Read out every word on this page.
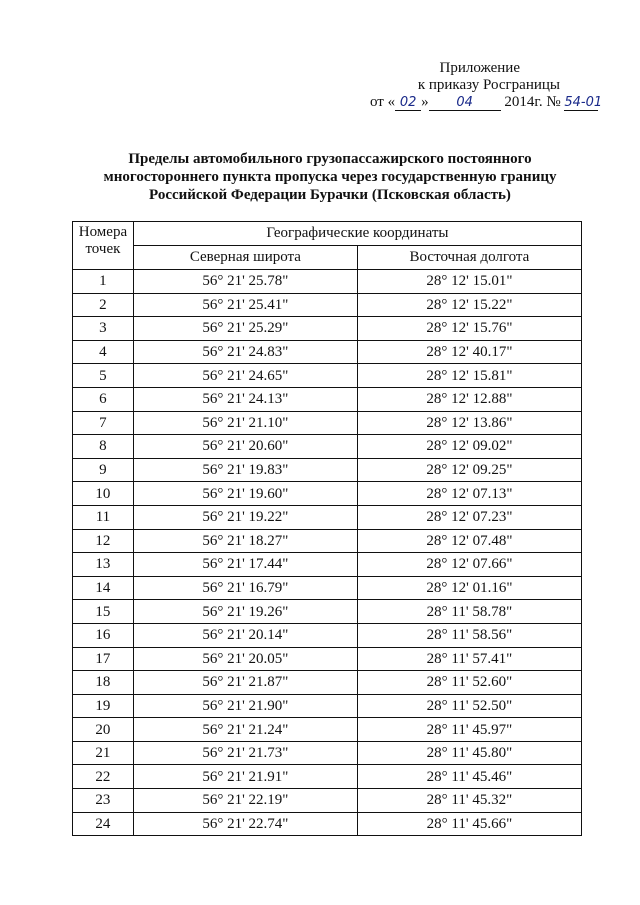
Приложение
к приказу Росграницы
от « 02 » 04 2014г. № 54-01
Пределы автомобильного грузопассажирского постоянного
многостороннего пункта пропуска через государственную границу
Российской Федерации Бурачки (Псковская область)
Номера
точек	Географические координаты	
	Северная широта	Восточная долгота
1	56° 21' 25.78"	28° 12' 15.01"
2	56° 21' 25.41"	28° 12' 15.22"
3	56° 21' 25.29"	28° 12' 15.76"
4	56° 21' 24.83"	28° 12' 40.17"
5	56° 21' 24.65"	28° 12' 15.81"
6	56° 21' 24.13"	28° 12' 12.88"
7	56° 21' 21.10"	28° 12' 13.86"
8	56° 21' 20.60"	28° 12' 09.02"
9	56° 21' 19.83"	28° 12' 09.25"
10	56° 21' 19.60"	28° 12' 07.13"
11	56° 21' 19.22"	28° 12' 07.23"
12	56° 21' 18.27"	28° 12' 07.48"
13	56° 21' 17.44"	28° 12' 07.66"
14	56° 21' 16.79"	28° 12' 01.16"
15	56° 21' 19.26"	28° 11' 58.78"
16	56° 21' 20.14"	28° 11' 58.56"
17	56° 21' 20.05"	28° 11' 57.41"
18	56° 21' 21.87"	28° 11' 52.60"
19	56° 21' 21.90"	28° 11' 52.50"
20	56° 21' 21.24"	28° 11' 45.97"
21	56° 21' 21.73"	28° 11' 45.80"
22	56° 21' 21.91"	28° 11' 45.46"
23	56° 21' 22.19"	28° 11' 45.32"
24	56° 21' 22.74"	28° 11' 45.66"
